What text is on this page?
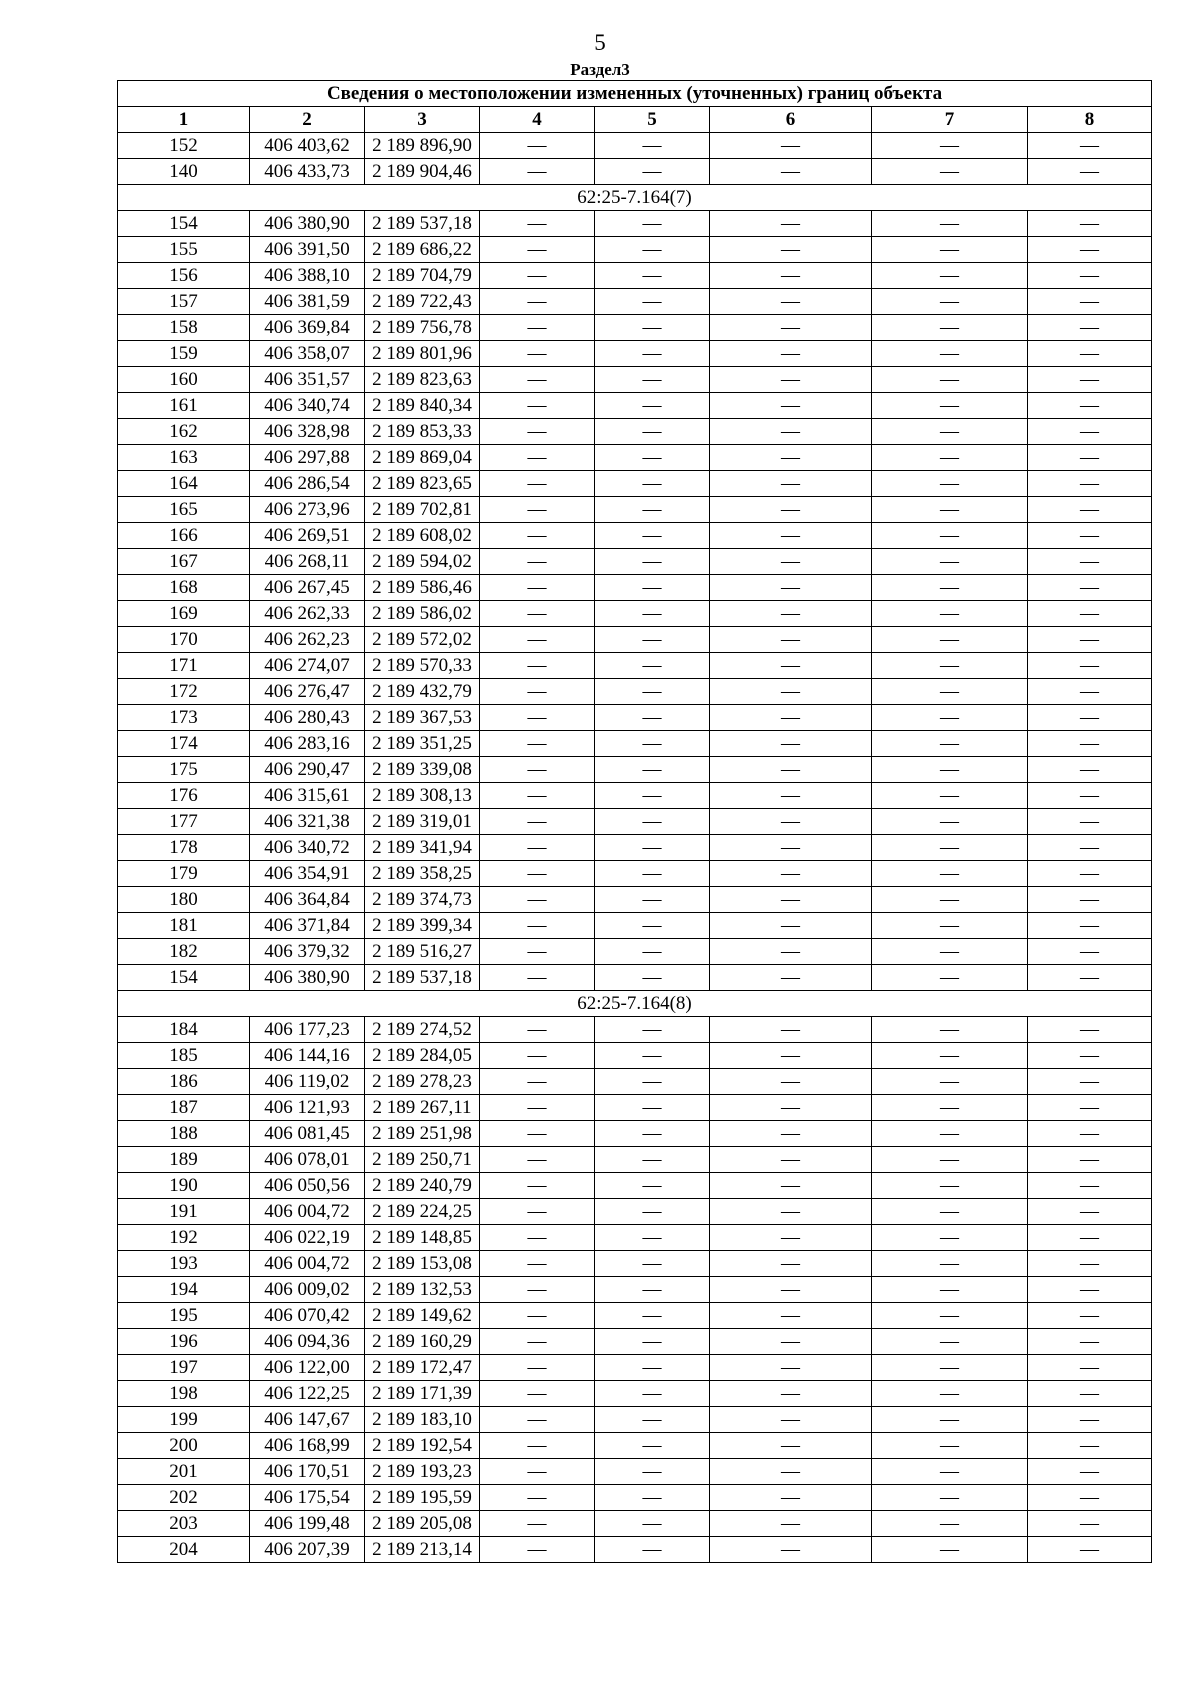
5
Раздел3
Сведения о местоположении измененных (уточненных) границ объекта							
1	2	3	4	5	6	7	8
152	406 403,62	2 189 896,90	—	—	—	—	—
140	406 433,73	2 189 904,46	—	—	—	—	—
62:25-7.164(7)							
154	406 380,90	2 189 537,18	—	—	—	—	—
155	406 391,50	2 189 686,22	—	—	—	—	—
156	406 388,10	2 189 704,79	—	—	—	—	—
157	406 381,59	2 189 722,43	—	—	—	—	—
158	406 369,84	2 189 756,78	—	—	—	—	—
159	406 358,07	2 189 801,96	—	—	—	—	—
160	406 351,57	2 189 823,63	—	—	—	—	—
161	406 340,74	2 189 840,34	—	—	—	—	—
162	406 328,98	2 189 853,33	—	—	—	—	—
163	406 297,88	2 189 869,04	—	—	—	—	—
164	406 286,54	2 189 823,65	—	—	—	—	—
165	406 273,96	2 189 702,81	—	—	—	—	—
166	406 269,51	2 189 608,02	—	—	—	—	—
167	406 268,11	2 189 594,02	—	—	—	—	—
168	406 267,45	2 189 586,46	—	—	—	—	—
169	406 262,33	2 189 586,02	—	—	—	—	—
170	406 262,23	2 189 572,02	—	—	—	—	—
171	406 274,07	2 189 570,33	—	—	—	—	—
172	406 276,47	2 189 432,79	—	—	—	—	—
173	406 280,43	2 189 367,53	—	—	—	—	—
174	406 283,16	2 189 351,25	—	—	—	—	—
175	406 290,47	2 189 339,08	—	—	—	—	—
176	406 315,61	2 189 308,13	—	—	—	—	—
177	406 321,38	2 189 319,01	—	—	—	—	—
178	406 340,72	2 189 341,94	—	—	—	—	—
179	406 354,91	2 189 358,25	—	—	—	—	—
180	406 364,84	2 189 374,73	—	—	—	—	—
181	406 371,84	2 189 399,34	—	—	—	—	—
182	406 379,32	2 189 516,27	—	—	—	—	—
154	406 380,90	2 189 537,18	—	—	—	—	—
62:25-7.164(8)							
184	406 177,23	2 189 274,52	—	—	—	—	—
185	406 144,16	2 189 284,05	—	—	—	—	—
186	406 119,02	2 189 278,23	—	—	—	—	—
187	406 121,93	2 189 267,11	—	—	—	—	—
188	406 081,45	2 189 251,98	—	—	—	—	—
189	406 078,01	2 189 250,71	—	—	—	—	—
190	406 050,56	2 189 240,79	—	—	—	—	—
191	406 004,72	2 189 224,25	—	—	—	—	—
192	406 022,19	2 189 148,85	—	—	—	—	—
193	406 004,72	2 189 153,08	—	—	—	—	—
194	406 009,02	2 189 132,53	—	—	—	—	—
195	406 070,42	2 189 149,62	—	—	—	—	—
196	406 094,36	2 189 160,29	—	—	—	—	—
197	406 122,00	2 189 172,47	—	—	—	—	—
198	406 122,25	2 189 171,39	—	—	—	—	—
199	406 147,67	2 189 183,10	—	—	—	—	—
200	406 168,99	2 189 192,54	—	—	—	—	—
201	406 170,51	2 189 193,23	—	—	—	—	—
202	406 175,54	2 189 195,59	—	—	—	—	—
203	406 199,48	2 189 205,08	—	—	—	—	—
204	406 207,39	2 189 213,14	—	—	—	—	—
